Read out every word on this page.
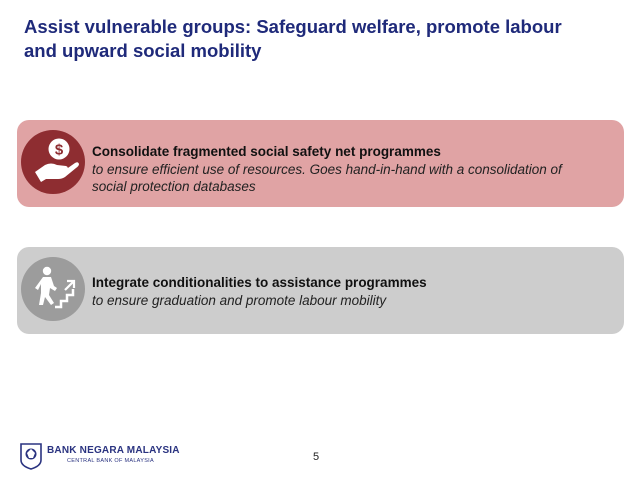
Assist vulnerable groups: Safeguard welfare, promote labour
and upward social mobility
$ Consolidate fragmented social safety net programmes
to ensure efficient use of resources. Goes hand-in-hand with a consolidation of
social protection databases
Integrate conditionalities to assistance programmes
to ensure graduation and promote labour mobility
BANK NEGARA MALAYSIA
CENTRAL BANK OF MALAYSIA	5
